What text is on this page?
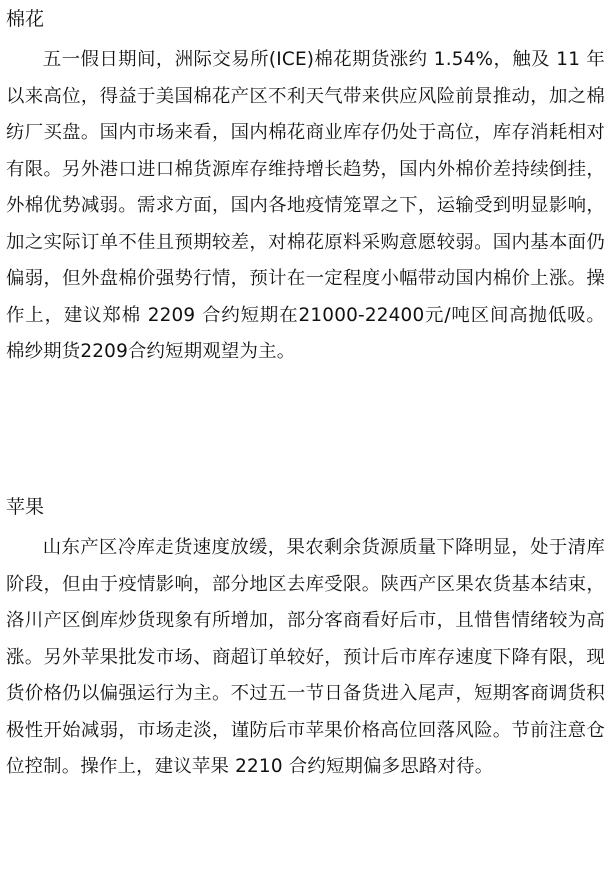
棉花

五一假日期间，洲际交易所(ICE)棉花期货涨约 1.54%，触及 11 年以来高位，得益于美国棉花产区不利天气带来供应风险前景推动，加之棉纺厂买盘。国内市场来看，国内棉花商业库存仍处于高位，库存消耗相对有限。另外港口进口棉货源库存维持增长趋势，国内外棉价差持续倒挂，外棉优势减弱。需求方面，国内各地疫情笼罩之下，运输受到明显影响，加之实际订单不佳且预期较差，对棉花原料采购意愿较弱。国内基本面仍偏弱，但外盘棉价强势行情，预计在一定程度小幅带动国内棉价上涨。操作上，建议郑棉 2209 合约短期在21000-22400元/吨区间高抛低吸。棉纱期货2209合约短期观望为主。

苹果

山东产区冷库走货速度放缓，果农剩余货源质量下降明显，处于清库阶段，但由于疫情影响，部分地区去库受限。陕西产区果农货基本结束，洛川产区倒库炒货现象有所增加，部分客商看好后市，且惜售情绪较为高涨。另外苹果批发市场、商超订单较好，预计后市库存速度下降有限，现货价格仍以偏强运行为主。不过五一节日备货进入尾声，短期客商调货积极性开始减弱，市场走淡，谨防后市苹果价格高位回落风险。节前注意仓位控制。操作上，建议苹果 2210 合约短期偏多思路对待。
